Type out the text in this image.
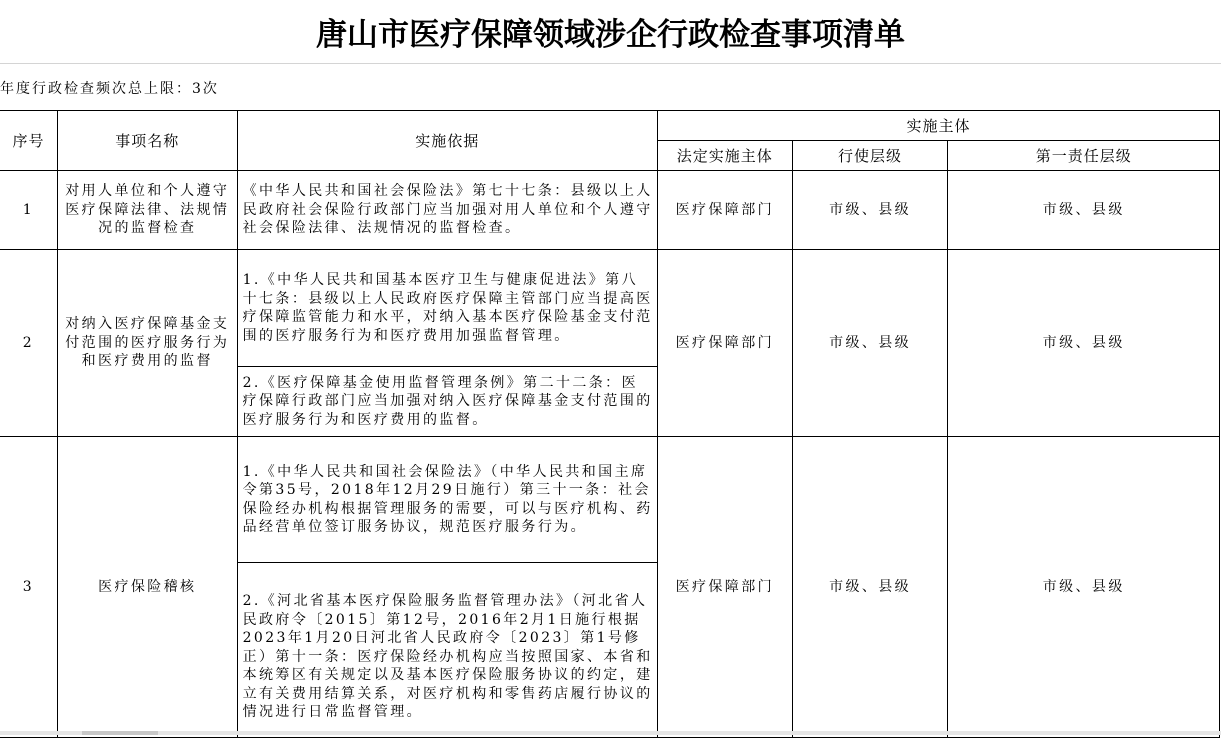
唐山市医疗保障领域涉企行政检查事项清单
年度行政检查频次总上限：3次
序号	事项名称	实施依据	实施主体		
			法定实施主体	行使层级	第一责任层级
1	对用人单位和个人遵守医疗保障法律、法规情况的监督检查	《中华人民共和国社会保险法》第七十七条：县级以上人民政府社会保险行政部门应当加强对用人单位和个人遵守社会保险法律、法规情况的监督检查。	医疗保障部门	市级、县级	市级、县级
2	对纳入医疗保障基金支付范围的医疗服务行为和医疗费用的监督	1.《中华人民共和国基本医疗卫生与健康促进法》第八十七条：县级以上人民政府医疗保障主管部门应当提高医疗保障监管能力和水平，对纳入基本医疗保险基金支付范围的医疗服务行为和医疗费用加强监督管理。	医疗保障部门	市级、县级	市级、县级
		2.《医疗保障基金使用监督管理条例》第二十二条：医疗保障行政部门应当加强对纳入医疗保障基金支付范围的医疗服务行为和医疗费用的监督。			
3	医疗保险稽核	1.《中华人民共和国社会保险法》（中华人民共和国主席令第35号，2018年12月29日施行）第三十一条：社会保险经办机构根据管理服务的需要，可以与医疗机构、药品经营单位签订服务协议，规范医疗服务行为。	医疗保障部门	市级、县级	市级、县级
		2.《河北省基本医疗保险服务监督管理办法》（河北省人民政府令〔2015〕第12号，2016年2月1日施行根据2023年1月20日河北省人民政府令〔2023〕第1号修正）第十一条：医疗保险经办机构应当按照国家、本省和本统筹区有关规定以及基本医疗保险服务协议的约定，建立有关费用结算关系，对医疗机构和零售药店履行协议的情况进行日常监督管理。			
